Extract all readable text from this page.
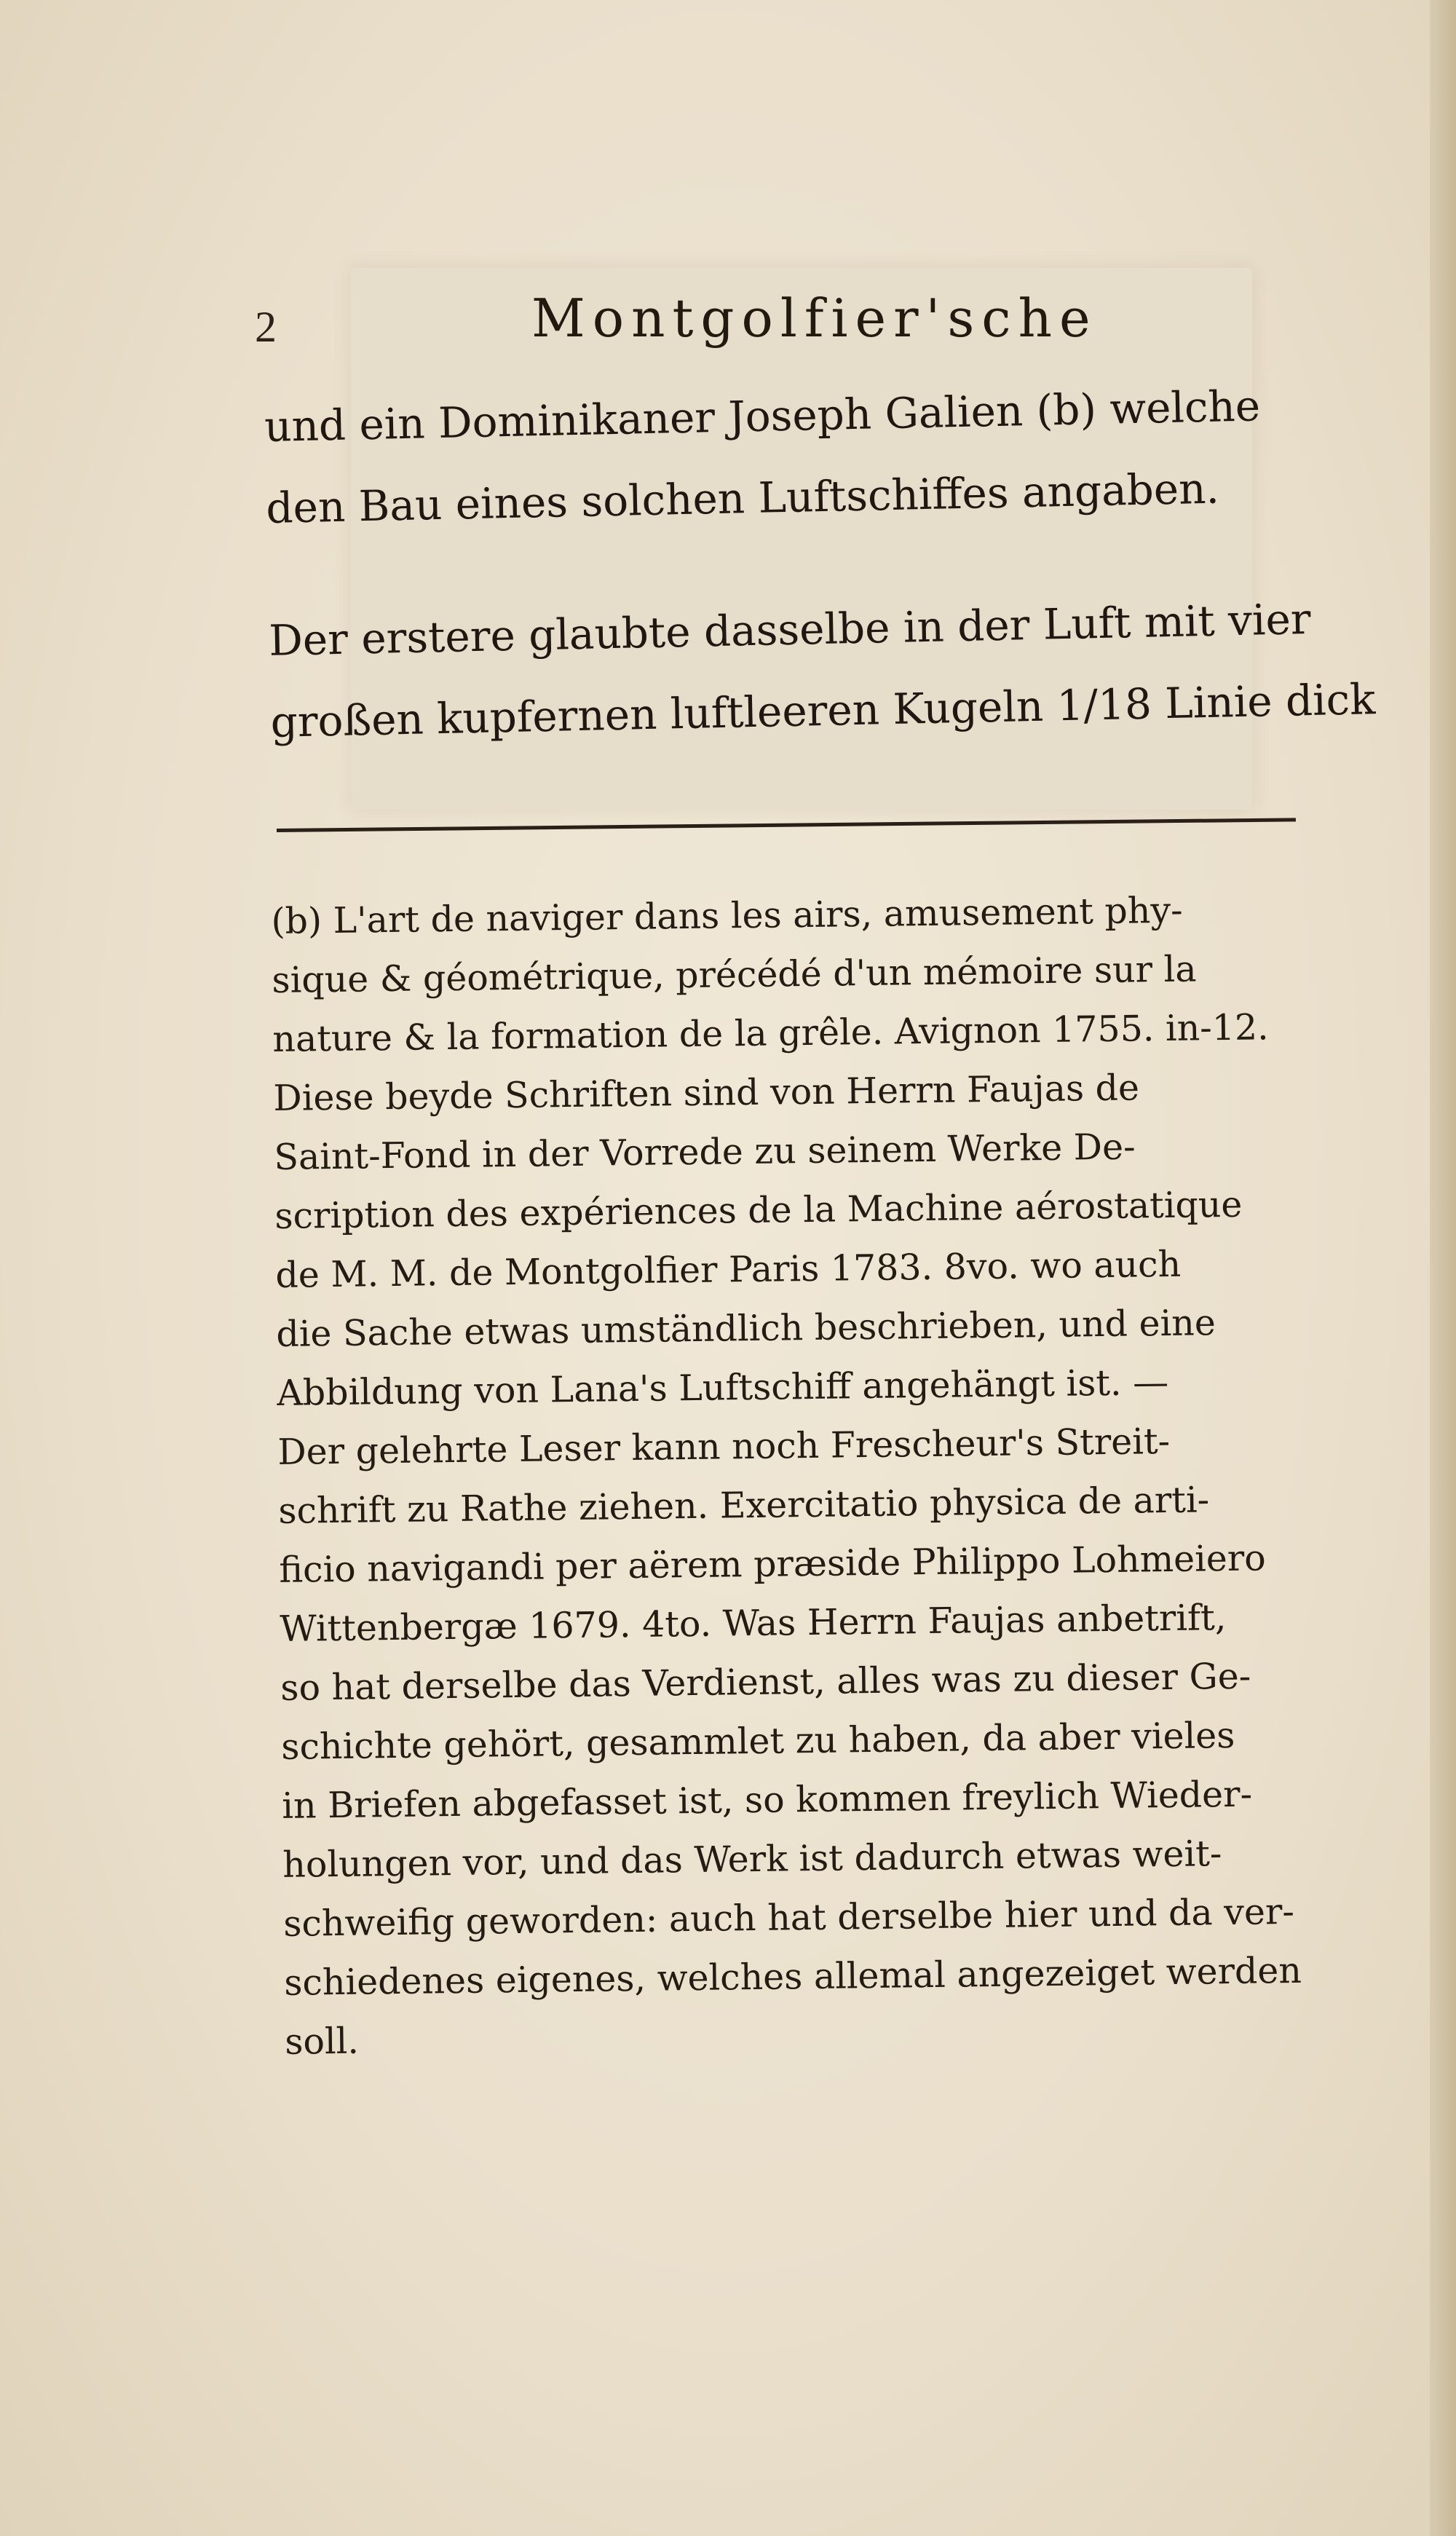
2	Montgolfier'sche
und ein Dominikaner Joseph Galien (b) welche
den Bau eines solchen Luftschiffes angaben.
Der erstere glaubte dasselbe in der Luft mit vier
großen kupfernen luftleeren Kugeln 1/18 Linie dick
(b) L'art de naviger dans les airs, amusement phy-
sique & géométrique, précédé d'un mémoire sur la
nature & la formation de la grêle. Avignon 1755. in-12.
Diese beyde Schriften sind von Herrn Faujas de
Saint-Fond in der Vorrede zu seinem Werke De-
scription des expériences de la Machine aérostatique
de M. M. de Montgolfier Paris 1783. 8vo. wo auch
die Sache etwas umständlich beschrieben, und eine
Abbildung von Lana's Luftschiff angehängt ist. —
Der gelehrte Leser kann noch Frescheur's Streit-
schrift zu Rathe ziehen. Exercitatio physica de arti-
ficio navigandi per aërem præside Philippo Lohmeiero
Wittenbergæ 1679. 4to. Was Herrn Faujas anbetrift,
so hat derselbe das Verdienst, alles was zu dieser Ge-
schichte gehört, gesammlet zu haben, da aber vieles
in Briefen abgefasset ist, so kommen freylich Wieder-
holungen vor, und das Werk ist dadurch etwas weit-
schweifig geworden: auch hat derselbe hier und da ver-
schiedenes eigenes, welches allemal angezeiget werden
soll.
